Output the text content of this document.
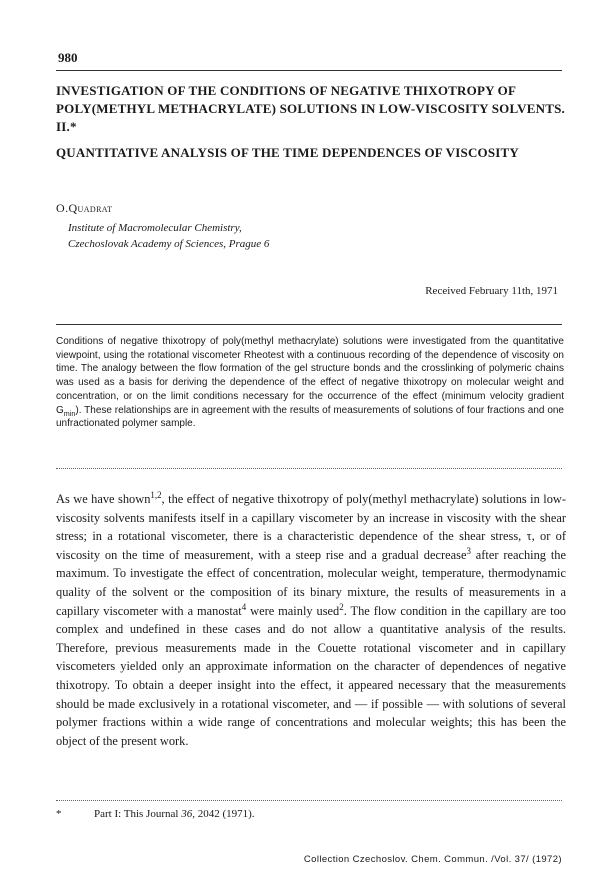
980
INVESTIGATION OF THE CONDITIONS OF NEGATIVE THIXOTROPY OF POLY(METHYL METHACRYLATE) SOLUTIONS IN LOW-VISCOSITY SOLVENTS. II.*
QUANTITATIVE ANALYSIS OF THE TIME DEPENDENCES OF VISCOSITY
O.Quadrat
Institute of Macromolecular Chemistry,
Czechoslovak Academy of Sciences, Prague 6
Received February 11th, 1971

Conditions of negative thixotropy of poly(methyl methacrylate) solutions were investigated from the quantitative viewpoint, using the rotational viscometer Rheotest with a continuous recording of the dependence of viscosity on time. The analogy between the flow formation of the gel structure bonds and the crosslinking of polymeric chains was used as a basis for deriving the dependence of the effect of negative thixotropy on molecular weight and concentration, or on the limit conditions necessary for the occurrence of the effect (minimum velocity gradient $G_{min}$). These relationships are in agreement with the results of measurements of solutions of four fractions and one unfractionated polymer sample.

As we have shown$^{1,2}$, the effect of negative thixotropy of poly(methyl methacrylate) solutions in low-viscosity solvents manifests itself in a capillary viscometer by an increase in viscosity with the shear stress; in a rotational viscometer, there is a characteristic dependence of the shear stress, τ, or of viscosity on the time of measurement, with a steep rise and a gradual decrease$^3$ after reaching the maximum. To investigate the effect of concentration, molecular weight, temperature, thermodynamic quality of the solvent or the composition of its binary mixture, the results of measurements in a capillary viscometer with a manostat$^4$ were mainly used$^2$. The flow condition in the capillary are too complex and undefined in these cases and do not allow a quantitative analysis of the results. Therefore, previous measurements made in the Couette rotational viscometer and in capillary viscometers yielded only an approximate information on the character of dependences of negative thixotropy. To obtain a deeper insight into the effect, it appeared necessary that the measurements should be made exclusively in a rotational viscometer, and — if possible — with solutions of several polymer fractions within a wide range of concentrations and molecular weights; this has been the object of the present work.

*	Part I: This Journal 36, 2042 (1971).
Collection Czechoslov. Chem. Commun. /Vol. 37/ (1972)
